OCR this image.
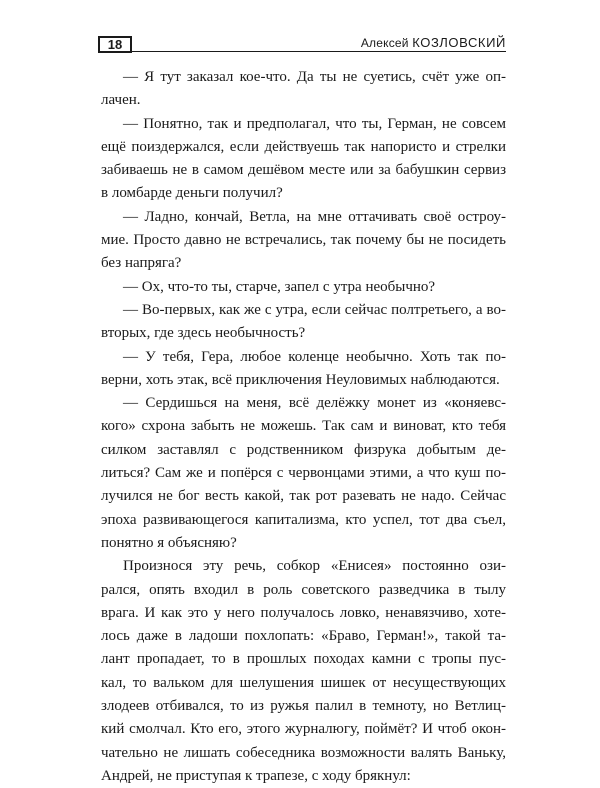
18	Алексей КОЗЛОВСКИЙ
— Я тут заказал кое-что. Да ты не суетись, счёт уже оп-
лачен.
— Понятно, так и предполагал, что ты, Герман, не совсем
ещё поиздержался, если действуешь так напористо и стрелки
забиваешь не в самом дешёвом месте или за бабушкин сервиз
в ломбарде деньги получил?
— Ладно, кончай, Ветла, на мне оттачивать своё остроу-
мие. Просто давно не встречались, так почему бы не посидеть
без напряга?
— Ох, что-то ты, старче, запел с утра необычно?
— Во-первых, как же с утра, если сейчас полтретьего, а во-
вторых, где здесь необычность?
— У тебя, Гера, любое коленце необычно. Хоть так по-
верни, хоть этак, всё приключения Неуловимых наблюдаются.
— Сердишься на меня, всё делёжку монет из «коняевс-
кого» схрона забыть не можешь. Так сам и виноват, кто тебя
силком заставлял с родственником физрука добытым де-
литься? Сам же и попёрся с червонцами этими, а что куш по-
лучился не бог весть какой, так рот разевать не надо. Сейчас
эпоха развивающегося капитализма, кто успел, тот два съел,
понятно я объясняю?
Произнося эту речь, собкор «Енисея» постоянно ози-
рался, опять входил в роль советского разведчика в тылу
врага. И как это у него получалось ловко, ненавязчиво, хоте-
лось даже в ладоши похлопать: «Браво, Герман!», такой та-
лант пропадает, то в прошлых походах камни с тропы пус-
кал, то вальком для шелушения шишек от несуществующих
злодеев отбивался, то из ружья палил в темноту, но Ветлиц-
кий смолчал. Кто его, этого журналюгу, поймёт? И чтоб окон-
чательно не лишать собеседника возможности валять Ваньку,
Андрей, не приступая к трапезе, с ходу брякнул:
